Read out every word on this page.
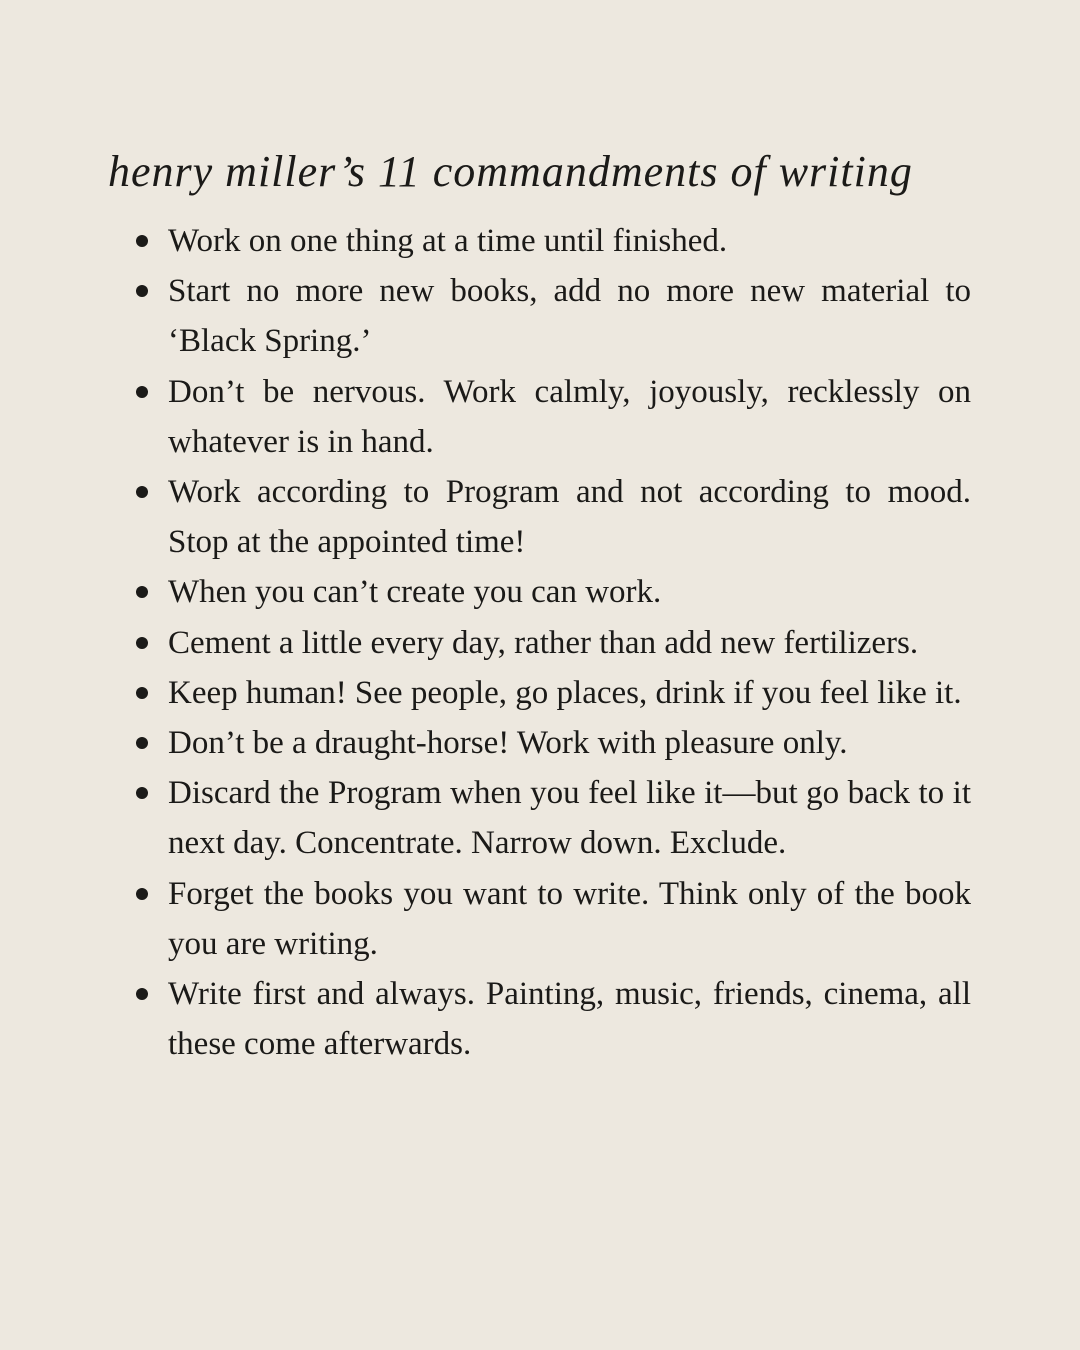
henry miller’s 11 commandments of writing
Work on one thing at a time until finished.
Start no more new books, add no more new material to ‘Black Spring.’
Don’t be nervous. Work calmly, joyously, recklessly on whatever is in hand.
Work according to Program and not according to mood. Stop at the appointed time!
When you can’t create you can work.
Cement a little every day, rather than add new fertilizers.
Keep human! See people, go places, drink if you feel like it.
Don’t be a draught-horse! Work with pleasure only.
Discard the Program when you feel like it—but go back to it next day. Concentrate. Narrow down. Exclude.
Forget the books you want to write. Think only of the book you are writing.
Write first and always. Painting, music, friends, cinema, all these come afterwards.
